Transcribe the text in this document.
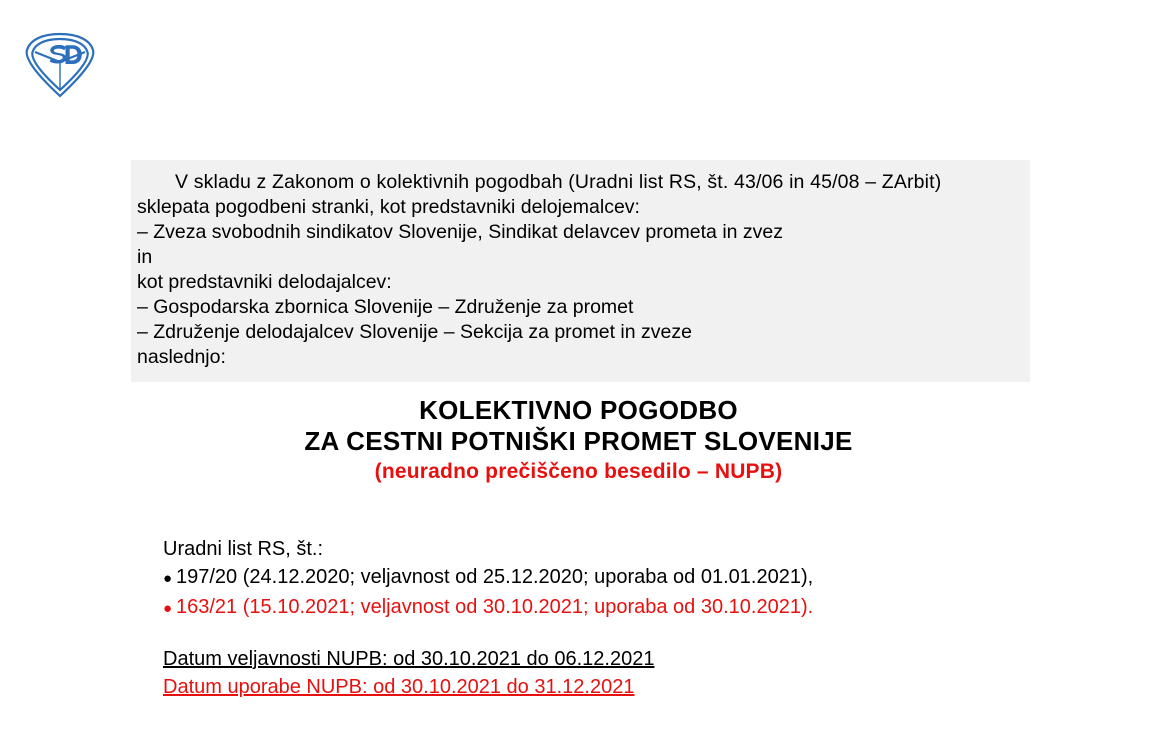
V skladu z Zakonom o kolektivnih pogodbah (Uradni list RS, št. 43/06 in 45/08 – ZArbit)
sklepata pogodbeni stranki, kot predstavniki delojemalcev:
– Zveza svobodnih sindikatov Slovenije, Sindikat delavcev prometa in zvez
in
kot predstavniki delodajalcev:
– Gospodarska zbornica Slovenije – Združenje za promet
– Združenje delodajalcev Slovenije – Sekcija za promet in zveze
naslednjo:
KOLEKTIVNO POGODBO
ZA CESTNI POTNIŠKI PROMET SLOVENIJE
(neuradno prečiščeno besedilo – NUPB)
Uradni list RS, št.:
● 197/20 (24.12.2020; veljavnost od 25.12.2020; uporaba od 01.01.2021),
● 163/21 (15.10.2021; veljavnost od 30.10.2021; uporaba od 30.10.2021).
Datum veljavnosti NUPB: od 30.10.2021 do 06.12.2021
Datum uporabe NUPB: od 30.10.2021 do 31.12.2021
